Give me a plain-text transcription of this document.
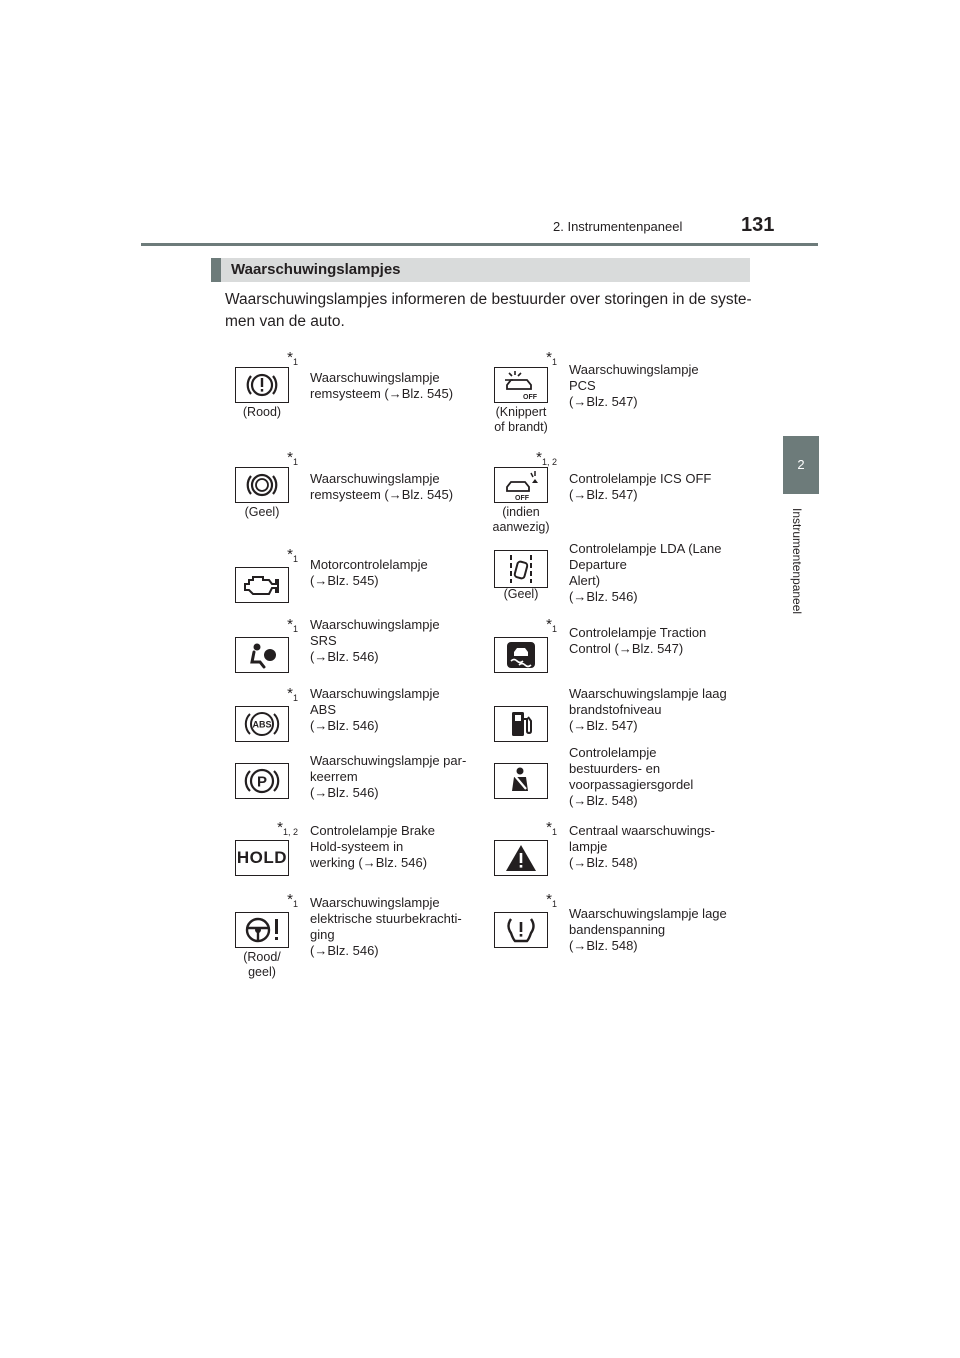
2. Instrumentenpaneel	131
2
Instrumentenpaneel
Waarschuwingslampjes
Waarschuwingslampjes informeren de bestuurder over storingen in de syste-
men van de auto.
$*_1$
(Rood)
Waarschuwingslampje
remsysteem (→Blz. 545)
$*_1$
OFF
(Knippert
of brandt)
Waarschuwingslampje
PCS
(→Blz. 547)
$*_1$
(Geel)
Waarschuwingslampje
remsysteem (→Blz. 545)
$*_{1, 2}$
OFF
(indien
aanwezig)
Controlelampje ICS OFF
(→Blz. 547)
$*_1$ Motorcontrolelampje
(→Blz. 545)
(Geel)
Controlelampje LDA (Lane
Departure
Alert)
(→Blz. 546)
$*_1$ Waarschuwingslampje
SRS
(→Blz. 546)
$*_1$ Controlelampje Traction
Control (→Blz. 547)
$*_1$
ABS
Waarschuwingslampje
ABS
(→Blz. 546)
Waarschuwingslampje laag
brandstofniveau
(→Blz. 547)
P
Waarschuwingslampje par-
keerrem
(→Blz. 546)
Controlelampje
bestuurders- en
voorpassagiersgordel
(→Blz. 548)
$*_{1, 2}$
HOLD
Controlelampje Brake
Hold-systeem in
werking (→Blz. 546)
$*_1$ Centraal waarschuwings-
lampje
(→Blz. 548)
$*_1$
(Rood/
geel)
Waarschuwingslampje
elektrische stuurbekrachti-
ging
(→Blz. 546)
$*_1$
Waarschuwingslampje lage
bandenspanning
(→Blz. 548)
